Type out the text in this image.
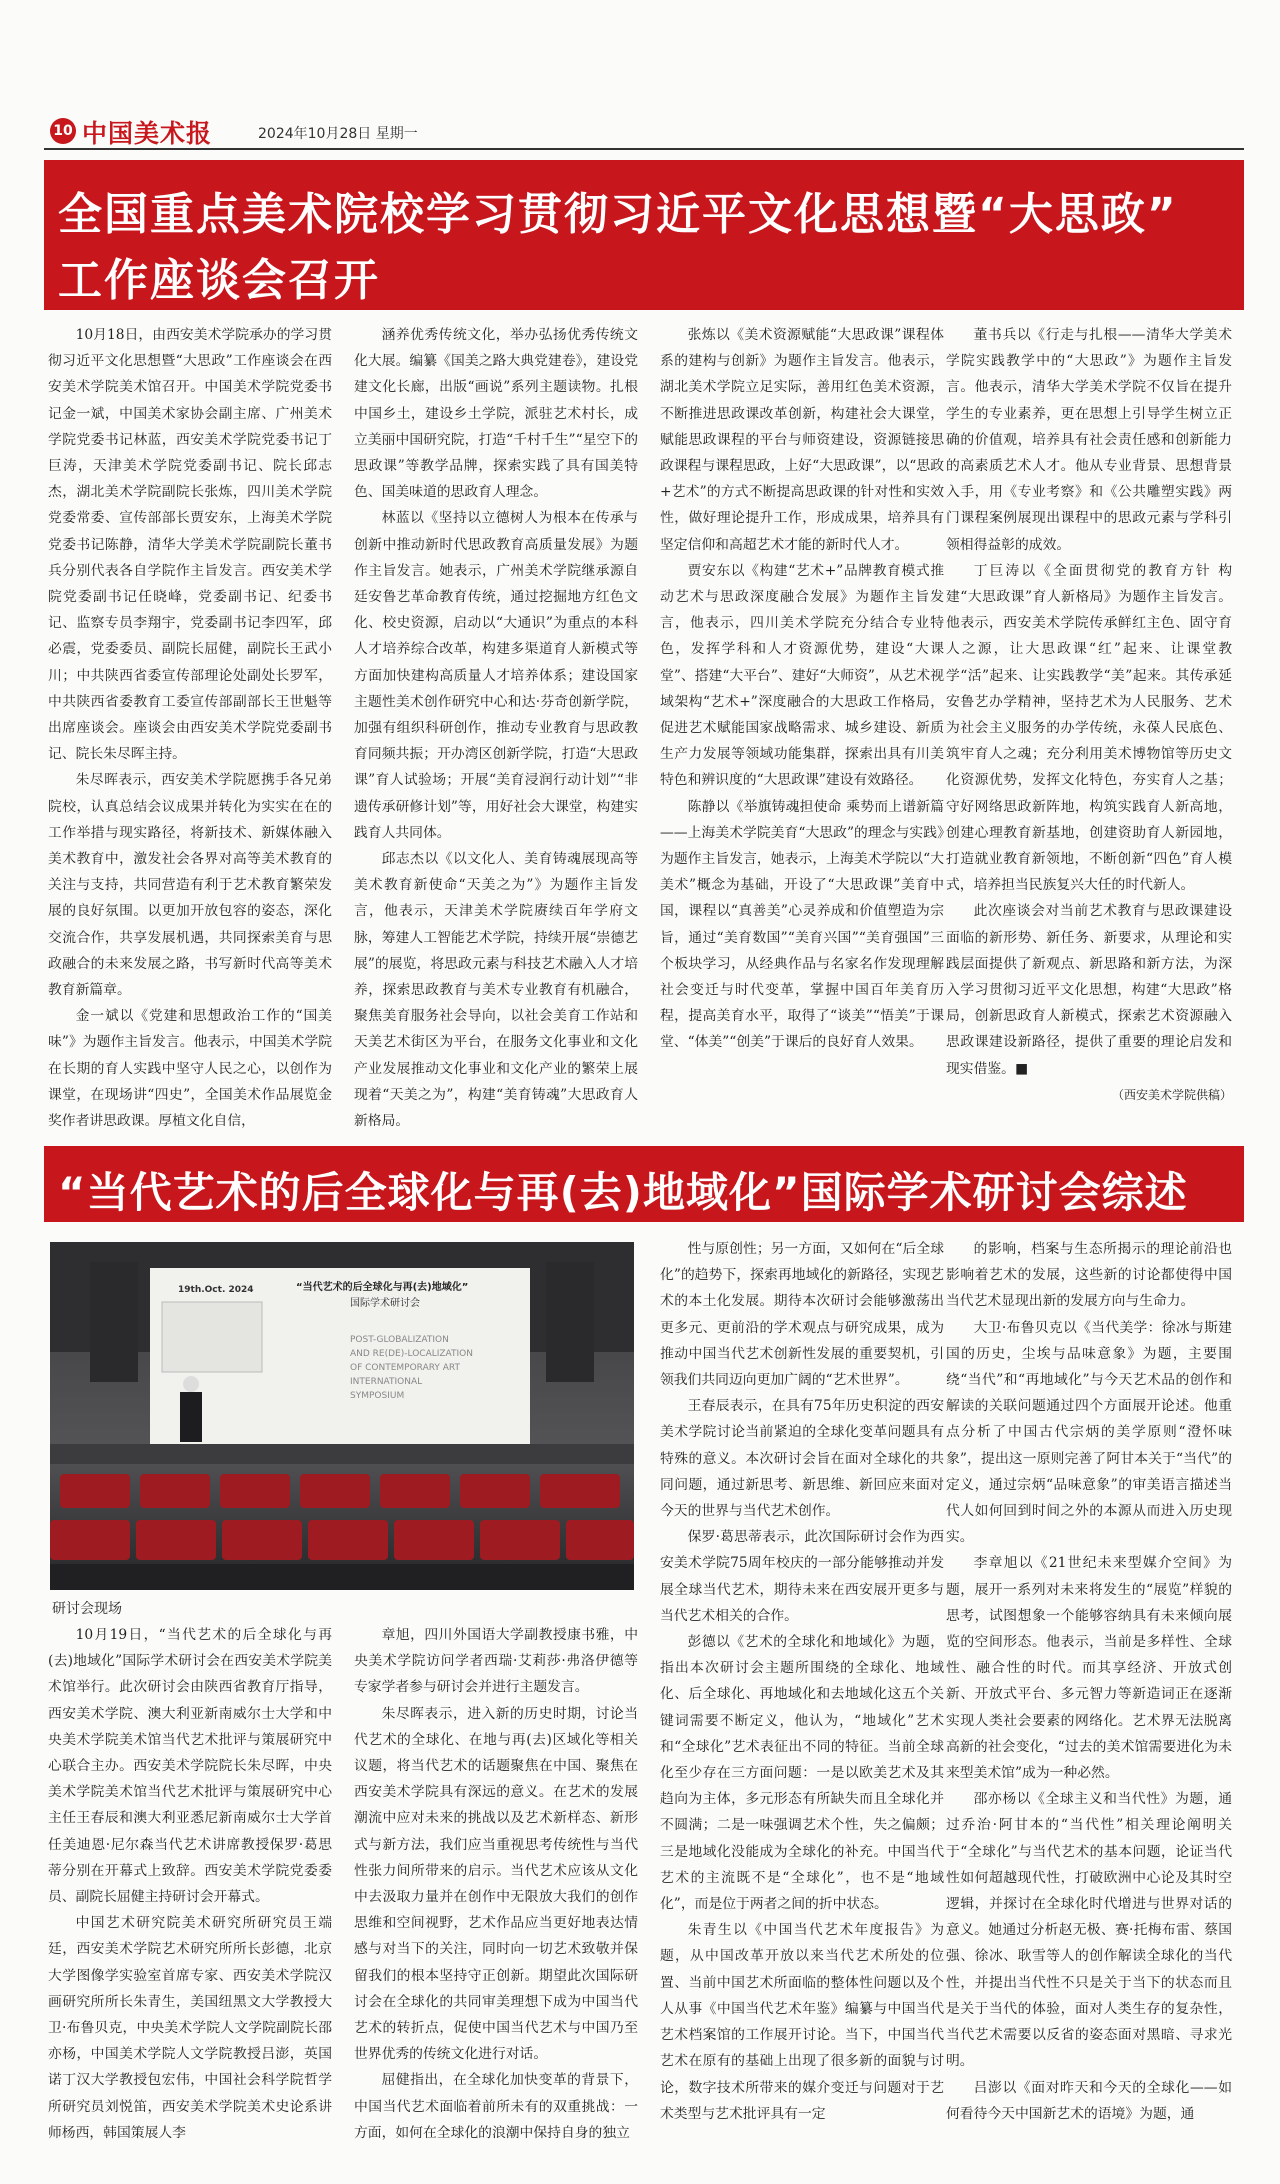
10 中国美术报	2024年10月28日 星期一
全国重点美术院校学习贯彻习近平文化思想暨“大思政”
工作座谈会召开

10月18日，由西安美术学院承办的学习贯彻习近平文化思想暨“大思政”工作座谈会在西安美术学院美术馆召开。中国美术学院党委书记金一斌，中国美术家协会副主席、广州美术学院党委书记林蓝，西安美术学院党委书记丁巨涛，天津美术学院党委副书记、院长邱志杰，湖北美术学院副院长张炼，四川美术学院党委常委、宣传部部长贾安东，上海美术学院党委书记陈静，清华大学美术学院副院长董书兵分别代表各自学院作主旨发言。西安美术学院党委副书记任晓峰，党委副书记、纪委书记、监察专员李翔宇，党委副书记李四军，邱必震，党委委员、副院长屈健，副院长王武小川；中共陕西省委宣传部理论处副处长罗军，中共陕西省委教育工委宣传部副部长王世魁等出席座谈会。座谈会由西安美术学院党委副书记、院长朱尽晖主持。

朱尽晖表示，西安美术学院愿携手各兄弟院校，认真总结会议成果并转化为实实在在的工作举措与现实路径，将新技术、新媒体融入美术教育中，激发社会各界对高等美术教育的关注与支持，共同营造有利于艺术教育繁荣发展的良好氛围。以更加开放包容的姿态，深化交流合作，共享发展机遇，共同探索美育与思政融合的未来发展之路，书写新时代高等美术教育新篇章。

金一斌以《党建和思想政治工作的“国美味”》为题作主旨发言。他表示，中国美术学院在长期的育人实践中坚守人民之心，以创作为课堂，在现场讲“四史”，全国美术作品展览金奖作者讲思政课。厚植文化自信，

涵养优秀传统文化，举办弘扬优秀传统文化大展。编纂《国美之路大典党建卷》，建设党建文化长廊，出版“画说”系列主题读物。扎根中国乡土，建设乡土学院，派驻艺术村长，成立美丽中国研究院，打造“千村千生”“星空下的思政课”等教学品牌，探索实践了具有国美特色、国美味道的思政育人理念。

林蓝以《坚持以立德树人为根本在传承与创新中推动新时代思政教育高质量发展》为题作主旨发言。她表示，广州美术学院继承源自廷安鲁艺革命教育传统，通过挖掘地方红色文化、校史资源，启动以“大通识”为重点的本科人才培养综合改革，构建多渠道育人新模式等方面加快建构高质量人才培养体系；建设国家主题性美术创作研究中心和达·芬奇创新学院，加强有组织科研创作，推动专业教育与思政教育同频共振；开办湾区创新学院，打造“大思政课”育人试验场；开展“美育浸润行动计划”“非遗传承研修计划”等，用好社会大课堂，构建实践育人共同体。

邱志杰以《以文化人、美育铸魂展现高等美术教育新使命“天美之为”》为题作主旨发言，他表示，天津美术学院赓续百年学府文脉，筹建人工智能艺术学院，持续开展“崇德艺展”的展览，将思政元素与科技艺术融入人才培养，探索思政教育与美术专业教育有机融合，聚焦美育服务社会导向，以社会美育工作站和天美艺术街区为平台，在服务文化事业和文化产业发展推动文化事业和文化产业的繁荣上展现着“天美之为”，构建“美育铸魂”大思政育人新格局。

张炼以《美术资源赋能“大思政课”课程体系的建构与创新》为题作主旨发言。他表示，湖北美术学院立足实际，善用红色美术资源，不断推进思政课改革创新，构建社会大课堂，赋能思政课程的平台与师资建设，资源链接思政课程与课程思政，上好“大思政课”，以“思政+艺术”的方式不断提高思政课的针对性和实效性，做好理论提升工作，形成成果，培养具有坚定信仰和高超艺术才能的新时代人才。

贾安东以《构建“艺术+”品牌教育模式推动艺术与思政深度融合发展》为题作主旨发言，他表示，四川美术学院充分结合专业特色，发挥学科和人才资源优势，建设“大课堂”、搭建“大平台”、建好“大师资”，从艺术视域架构“艺术+”深度融合的大思政工作格局，促进艺术赋能国家战略需求、城乡建设、新质生产力发展等领域功能集群，探索出具有川美特色和辨识度的“大思政课”建设有效路径。

陈静以《举旗铸魂担使命 乘势而上谱新篇——上海美术学院美育“大思政”的理念与实践》为题作主旨发言，她表示，上海美术学院以“大美术”概念为基础，开设了“大思政课”美育中国，课程以“真善美”心灵养成和价值塑造为宗旨，通过“美育数国”“美育兴国”“美育强国”三个板块学习，从经典作品与名家名作发现理解社会变迁与时代变革，掌握中国百年美育历程，提高美育水平，取得了“谈美”“悟美”于课堂、“体美”“创美”于课后的良好育人效果。

董书兵以《行走与扎根——清华大学美术学院实践教学中的“大思政”》为题作主旨发言。他表示，清华大学美术学院不仅旨在提升学生的专业素养，更在思想上引导学生树立正确的价值观，培养具有社会责任感和创新能力的高素质艺术人才。他从专业背景、思想背景入手，用《专业考察》和《公共雕塑实践》两门课程案例展现出课程中的思政元素与学科引领相得益彰的成效。

丁巨涛以《全面贯彻党的教育方针 构建“大思政课”育人新格局》为题作主旨发言。他表示，西安美术学院传承鲜红主色、固守育人之源，让大思政课“红”起来、让课堂教学“活”起来、让实践教学“美”起来。其传承延安鲁艺办学精神，坚持艺术为人民服务、艺术为社会主义服务的办学传统，永葆人民底色、筑牢育人之魂；充分利用美术博物馆等历史文化资源优势，发挥文化特色，夯实育人之基；守好网络思政新阵地，构筑实践育人新高地，创建心理教育新基地，创建资助育人新园地，打造就业教育新领地，不断创新“四色”育人模式，培养担当民族复兴大任的时代新人。

此次座谈会对当前艺术教育与思政课建设面临的新形势、新任务、新要求，从理论和实践层面提供了新观点、新思路和新方法，为深入学习贯彻习近平文化思想，构建“大思政”格局，创新思政育人新模式，探索艺术资源融入思政课建设新路径，提供了重要的理论启发和现实借鉴。■

（西安美术学院供稿）
“当代艺术的后全球化与再(去)地域化”国际学术研讨会综述
19th.Oct. 2024	“当代艺术的后全球化与再(去)地域化”
国际学术研讨会
POST-GLOBALIZATION
AND RE(DE)-LOCALIZATION
OF CONTEMPORARY ART
INTERNATIONAL
SYMPOSIUM
研讨会现场

10月19日，“当代艺术的后全球化与再(去)地域化”国际学术研讨会在西安美术学院美术馆举行。此次研讨会由陕西省教育厅指导，西安美术学院、澳大利亚新南威尔士大学和中央美术学院美术馆当代艺术批评与策展研究中心联合主办。西安美术学院院长朱尽晖，中央美术学院美术馆当代艺术批评与策展研究中心主任王春辰和澳大利亚悉尼新南威尔士大学首任美迪恩·尼尔森当代艺术讲席教授保罗·葛思蒂分别在开幕式上致辞。西安美术学院党委委员、副院长屈健主持研讨会开幕式。

中国艺术研究院美术研究所研究员王端廷，西安美术学院艺术研究所所长彭德，北京大学图像学实验室首席专家、西安美术学院汉画研究所所长朱青生，美国纽黑文大学教授大卫·布鲁贝克，中央美术学院人文学院副院长邵亦杨，中国美术学院人文学院教授吕澎，英国诺丁汉大学教授包宏伟，中国社会科学院哲学所研究员刘悦笛，西安美术学院美术史论系讲师杨西，韩国策展人李

章旭，四川外国语大学副教授康书雅，中央美术学院访问学者西瑞·艾莉莎·弗洛伊德等专家学者参与研讨会并进行主题发言。

朱尽晖表示，进入新的历史时期，讨论当代艺术的全球化、在地与再(去)区域化等相关议题，将当代艺术的话题聚焦在中国、聚焦在西安美术学院具有深远的意义。在艺术的发展潮流中应对未来的挑战以及艺术新样态、新形式与新方法，我们应当重视思考传统性与当代性张力间所带来的启示。当代艺术应该从文化中去汲取力量并在创作中无限放大我们的创作思维和空间视野，艺术作品应当更好地表达情感与对当下的关注，同时向一切艺术致敬并保留我们的根本坚持守正创新。期望此次国际研讨会在全球化的共同审美理想下成为中国当代艺术的转折点，促使中国当代艺术与中国乃至世界优秀的传统文化进行对话。

屈健指出，在全球化加快变革的背景下，中国当代艺术面临着前所未有的双重挑战：一方面，如何在全球化的浪潮中保持自身的独立

性与原创性；另一方面，又如何在“后全球化”的趋势下，探索再地域化的新路径，实现艺术的本土化发展。期待本次研讨会能够激荡出更多元、更前沿的学术观点与研究成果，成为推动中国当代艺术创新性发展的重要契机，引领我们共同迈向更加广阔的“艺术世界”。

王春辰表示，在具有75年历史积淀的西安美术学院讨论当前紧迫的全球化变革问题具有特殊的意义。本次研讨会旨在面对全球化的共同问题，通过新思考、新思维、新回应来面对今天的世界与当代艺术创作。

保罗·葛思蒂表示，此次国际研讨会作为西安美术学院75周年校庆的一部分能够推动并发展全球当代艺术，期待未来在西安展开更多与当代艺术相关的合作。

彭德以《艺术的全球化和地域化》为题，指出本次研讨会主题所围绕的全球化、地域化、后全球化、再地域化和去地域化这五个关键词需要不断定义，他认为，“地域化”艺术和“全球化”艺术表征出不同的特征。当前全球化至少存在三方面问题：一是以欧美艺术及其趋向为主体，多元形态有所缺失而且全球化并不圆满；二是一味强调艺术个性，失之偏颇；三是地域化没能成为全球化的补充。中国当代艺术的主流既不是“全球化”，也不是“地域化”，而是位于两者之间的折中状态。

朱青生以《中国当代艺术年度报告》为题，从中国改革开放以来当代艺术所处的位置、当前中国艺术所面临的整体性问题以及个人从事《中国当代艺术年鉴》编纂与中国当代艺术档案馆的工作展开讨论。当下，中国当代艺术在原有的基础上出现了很多新的面貌与讨论，数字技术所带来的媒介变迁与问题对于艺术类型与艺术批评具有一定

的影响，档案与生态所揭示的理论前沿也影响着艺术的发展，这些新的讨论都使得中国当代艺术显现出新的发展方向与生命力。

大卫·布鲁贝克以《当代美学：徐冰与斯建国的历史，尘埃与品味意象》为题，主要围绕“当代”和“再地域化”与今天艺术品的创作和解读的关联问题通过四个方面展开论述。他重点分析了中国古代宗炳的美学原则“澄怀味象”，提出这一原则完善了阿甘本关于“当代”的定义，通过宗炳“品味意象”的审美语言描述当代人如何回到时间之外的本源从而进入历史现实。

李章旭以《21世纪未来型媒介空间》为题，展开一系列对未来将发生的“展览”样貌的思考，试图想象一个能够容纳具有未来倾向展览的空间形态。他表示，当前是多样性、全球性、融合性的时代。而其享经济、开放式创新、开放式平台、多元智力等新造词正在逐渐实现人类社会要素的网络化。艺术界无法脱离高新的社会变化，“过去的美术馆需要进化为未来型美术馆”成为一种必然。

邵亦杨以《全球主义和当代性》为题，通过乔治·阿甘本的“当代性”相关理论阐明关于“全球化”与当代艺术的基本问题，论证当代性如何超越现代性，打破欧洲中心论及其时空逻辑，并探讨在全球化时代增进与世界对话的意义。她通过分析赵无极、赛·托梅布雷、蔡国强、徐冰、耿雪等人的创作解读全球化的当代性，并提出当代性不只是关于当下的状态而且是关于当代的体验，面对人类生存的复杂性，当代艺术需要以反省的姿态面对黑暗、寻求光明。

吕澎以《面对昨天和今天的全球化——如何看待今天中国新艺术的语境》为题，通
